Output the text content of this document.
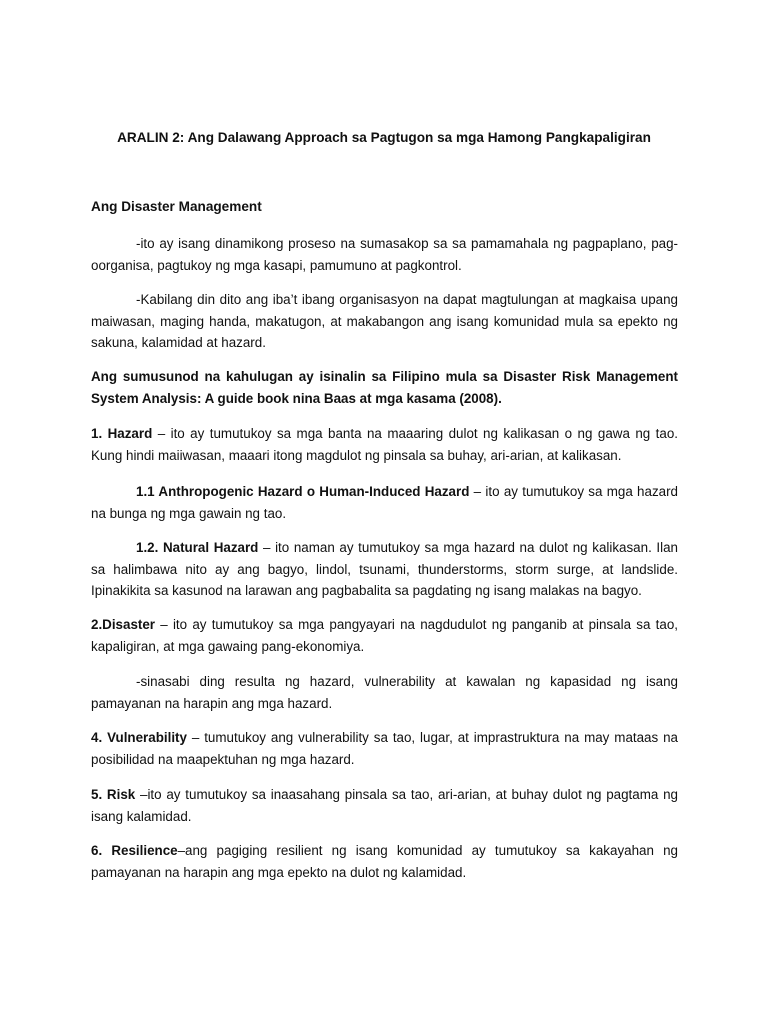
ARALIN 2: Ang Dalawang Approach sa Pagtugon sa mga Hamong Pangkapaligiran
Ang Disaster Management
-ito ay isang dinamikong proseso na sumasakop sa sa pamamahala ng pagpaplano, pag-oorganisa, pagtukoy ng mga kasapi, pamumuno at pagkontrol.
-Kabilang din dito ang iba’t ibang organisasyon na dapat magtulungan at magkaisa upang maiwasan, maging handa, makatugon, at makabangon ang isang komunidad mula sa epekto ng sakuna, kalamidad at hazard.
Ang sumusunod na kahulugan ay isinalin sa Filipino mula sa Disaster Risk Management System Analysis: A guide book nina Baas at mga kasama (2008).
1. Hazard – ito ay tumutukoy sa mga banta na maaaring dulot ng kalikasan o ng gawa ng tao. Kung hindi maiiwasan, maaari itong magdulot ng pinsala sa buhay, ari-arian, at kalikasan.
1.1 Anthropogenic Hazard o Human-Induced Hazard – ito ay tumutukoy sa mga hazard na bunga ng mga gawain ng tao.
1.2. Natural Hazard – ito naman ay tumutukoy sa mga hazard na dulot ng kalikasan. Ilan sa halimbawa nito ay ang bagyo, lindol, tsunami, thunderstorms, storm surge, at landslide. Ipinakikita sa kasunod na larawan ang pagbabalita sa pagdating ng isang malakas na bagyo.
2.Disaster – ito ay tumutukoy sa mga pangyayari na nagdudulot ng panganib at pinsala sa tao, kapaligiran, at mga gawaing pang-ekonomiya.
-sinasabi ding resulta ng hazard, vulnerability at kawalan ng kapasidad ng isang pamayanan na harapin ang mga hazard.
4. Vulnerability – tumutukoy ang vulnerability sa tao, lugar, at imprastruktura na may mataas na posibilidad na maapektuhan ng mga hazard.
5. Risk –ito ay tumutukoy sa inaasahang pinsala sa tao, ari-arian, at buhay dulot ng pagtama ng isang kalamidad.
6. Resilience–ang pagiging resilient ng isang komunidad ay tumutukoy sa kakayahan ng pamayanan na harapin ang mga epekto na dulot ng kalamidad.
